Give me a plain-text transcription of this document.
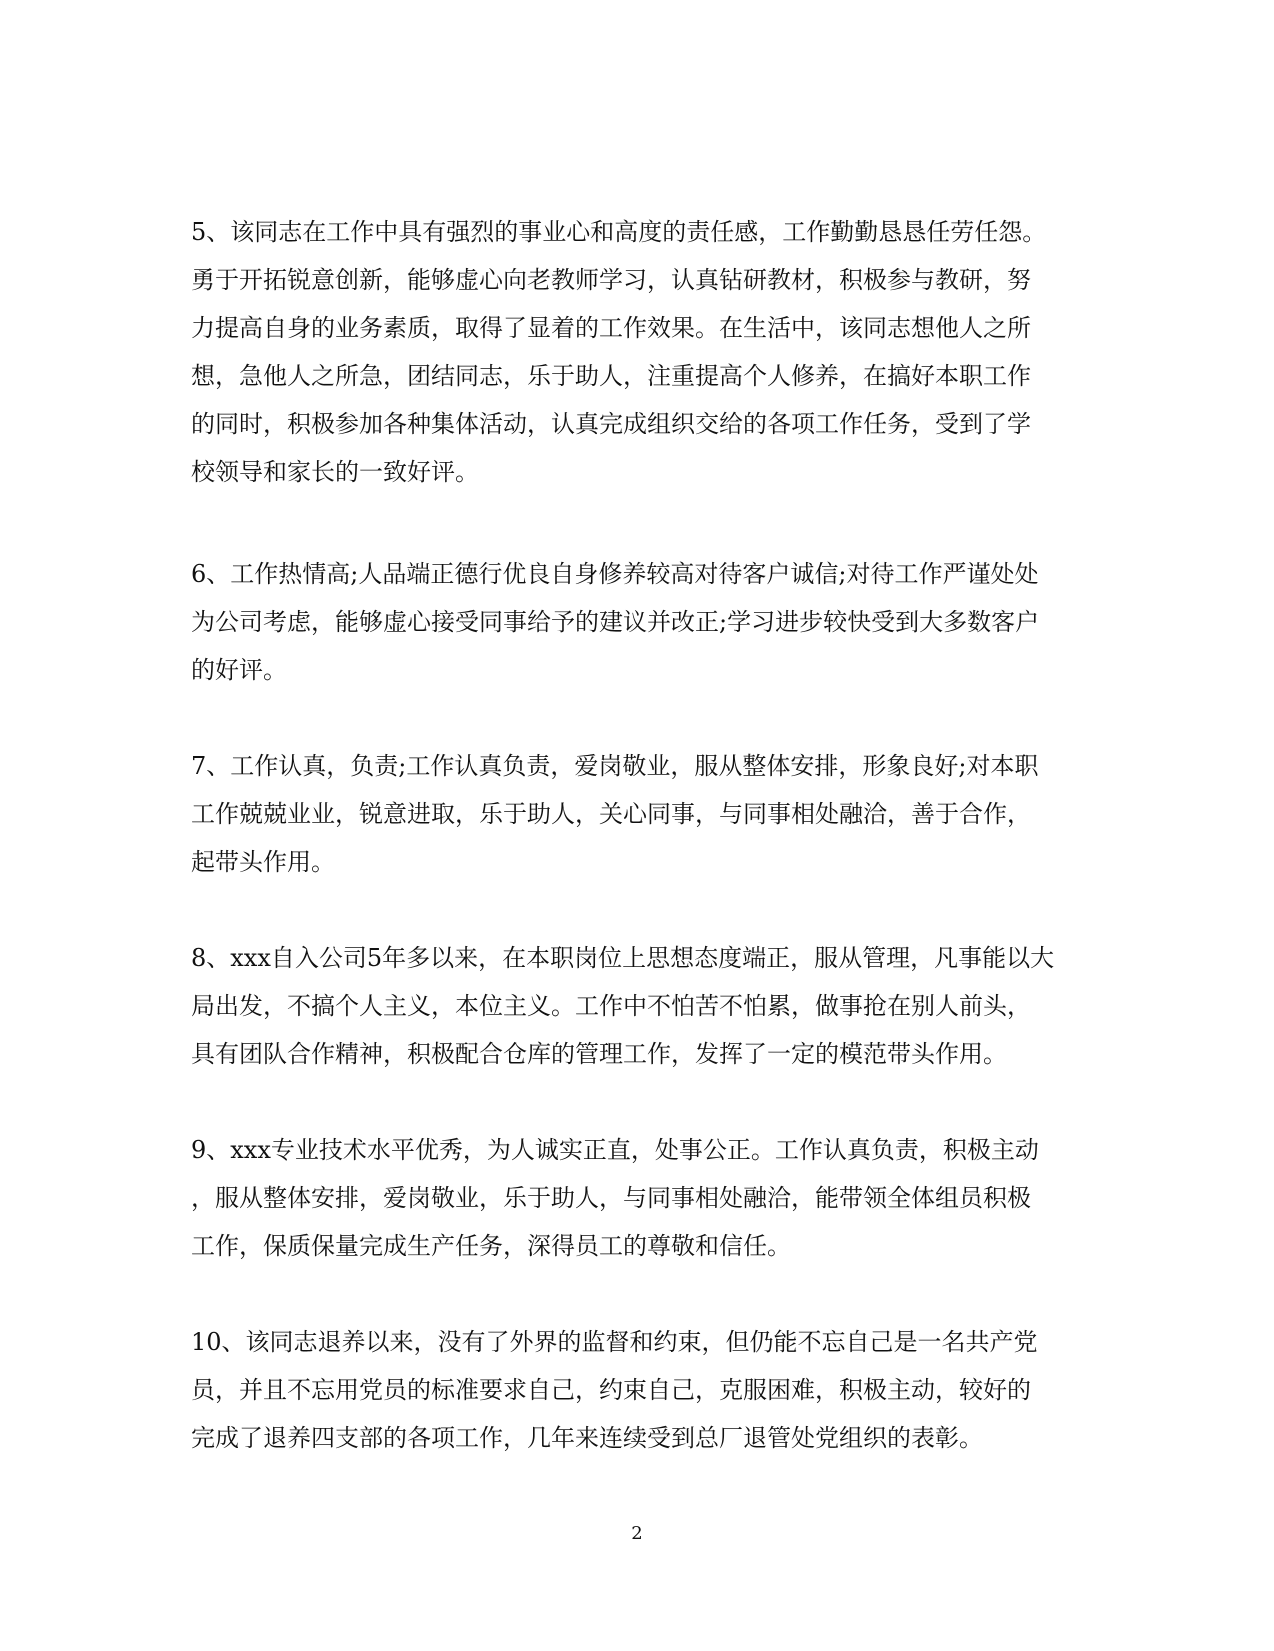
5、该同志在工作中具有强烈的事业心和高度的责任感，工作勤勤恳恳任劳任怨。
勇于开拓锐意创新，能够虚心向老教师学习，认真钻研教材，积极参与教研，努
力提高自身的业务素质，取得了显着的工作效果。在生活中，该同志想他人之所
想，急他人之所急，团结同志，乐于助人，注重提高个人修养，在搞好本职工作
的同时，积极参加各种集体活动，认真完成组织交给的各项工作任务，受到了学
校领导和家长的一致好评。

6、工作热情高;人品端正德行优良自身修养较高对待客户诚信;对待工作严谨处处
为公司考虑，能够虚心接受同事给予的建议并改正;学习进步较快受到大多数客户
的好评。

7、工作认真，负责;工作认真负责，爱岗敬业，服从整体安排，形象良好;对本职
工作兢兢业业，锐意进取，乐于助人，关心同事，与同事相处融洽，善于合作，
起带头作用。

8、xxx自入公司5年多以来，在本职岗位上思想态度端正，服从管理，凡事能以大
局出发，不搞个人主义，本位主义。工作中不怕苦不怕累，做事抢在别人前头，
具有团队合作精神，积极配合仓库的管理工作，发挥了一定的模范带头作用。

9、xxx专业技术水平优秀，为人诚实正直，处事公正。工作认真负责，积极主动
，服从整体安排，爱岗敬业，乐于助人，与同事相处融洽，能带领全体组员积极
工作，保质保量完成生产任务，深得员工的尊敬和信任。

10、该同志退养以来，没有了外界的监督和约束，但仍能不忘自己是一名共产党
员，并且不忘用党员的标准要求自己，约束自己，克服困难，积极主动，较好的
完成了退养四支部的各项工作，几年来连续受到总厂退管处党组织的表彰。

2
